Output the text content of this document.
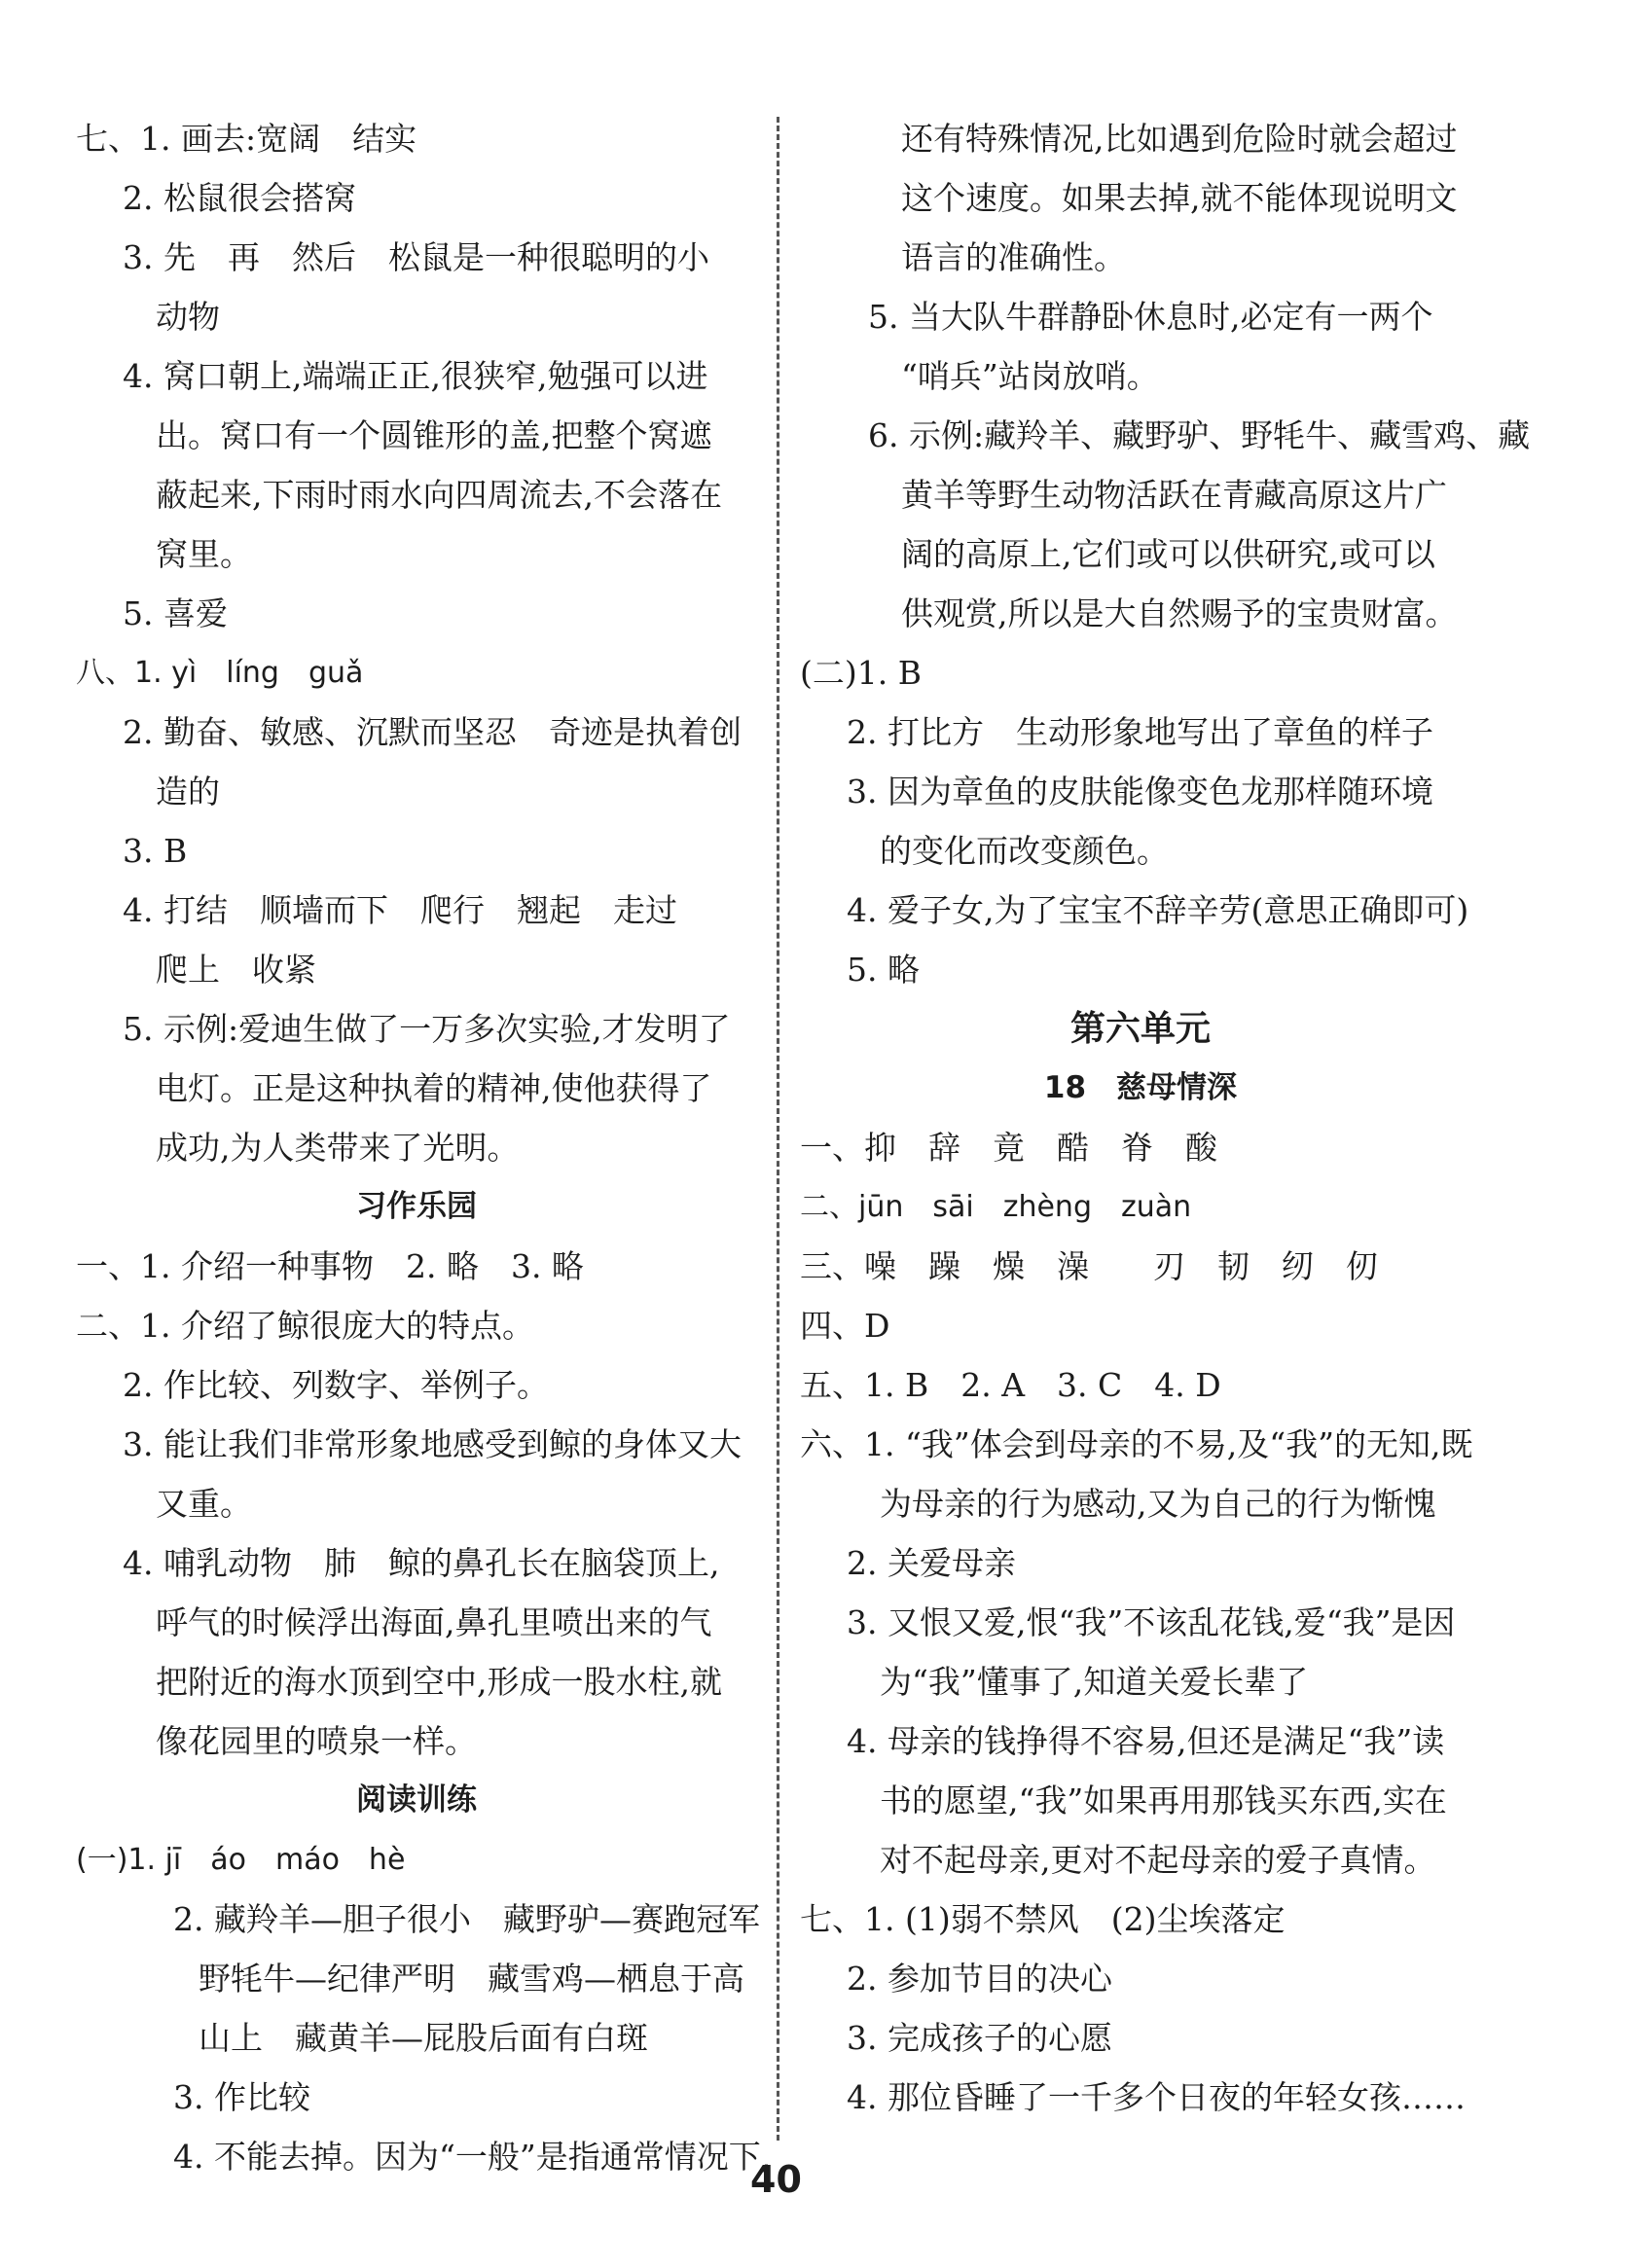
七、1. 画去:宽阔　结实
2. 松鼠很会搭窝
3. 先　再　然后　松鼠是一种很聪明的小
动物
4. 窝口朝上,端端正正,很狭窄,勉强可以进
出。窝口有一个圆锥形的盖,把整个窝遮
蔽起来,下雨时雨水向四周流去,不会落在
窝里。
5. 喜爱
八、1. yì　líng　guǎ
2. 勤奋、敏感、沉默而坚忍　奇迹是执着创
造的
3. B
4. 打结　顺墙而下　爬行　翘起　走过
爬上　收紧
5. 示例:爱迪生做了一万多次实验,才发明了
电灯。正是这种执着的精神,使他获得了
成功,为人类带来了光明。
习作乐园
一、1. 介绍一种事物　2. 略　3. 略
二、1. 介绍了鲸很庞大的特点。
2. 作比较、列数字、举例子。
3. 能让我们非常形象地感受到鲸的身体又大
又重。
4. 哺乳动物　肺　鲸的鼻孔长在脑袋顶上,
呼气的时候浮出海面,鼻孔里喷出来的气
把附近的海水顶到空中,形成一股水柱,就
像花园里的喷泉一样。
阅读训练
(一)1. jī　áo　máo　hè
2. 藏羚羊—胆子很小　藏野驴—赛跑冠军
野牦牛—纪律严明　藏雪鸡—栖息于高
山上　藏黄羊—屁股后面有白斑
3. 作比较
4. 不能去掉。因为“一般”是指通常情况下,
还有特殊情况,比如遇到危险时就会超过
这个速度。如果去掉,就不能体现说明文
语言的准确性。
5. 当大队牛群静卧休息时,必定有一两个
“哨兵”站岗放哨。
6. 示例:藏羚羊、藏野驴、野牦牛、藏雪鸡、藏
黄羊等野生动物活跃在青藏高原这片广
阔的高原上,它们或可以供研究,或可以
供观赏,所以是大自然赐予的宝贵财富。
(二)1. B
2. 打比方　生动形象地写出了章鱼的样子
3. 因为章鱼的皮肤能像变色龙那样随环境
的变化而改变颜色。
4. 爱子女,为了宝宝不辞辛劳(意思正确即可)
5. 略
第六单元
18　慈母情深
一、抑　辞　竟　酷　脊　酸
二、jūn　sāi　zhèng　zuàn
三、噪　躁　燥　澡　　刃　韧　纫　仞
四、D
五、1. B　2. A　3. C　4. D
六、1. “我”体会到母亲的不易,及“我”的无知,既
为母亲的行为感动,又为自己的行为惭愧
2. 关爱母亲
3. 又恨又爱,恨“我”不该乱花钱,爱“我”是因
为“我”懂事了,知道关爱长辈了
4. 母亲的钱挣得不容易,但还是满足“我”读
书的愿望,“我”如果再用那钱买东西,实在
对不起母亲,更对不起母亲的爱子真情。
七、1. (1)弱不禁风　(2)尘埃落定
2. 参加节目的决心
3. 完成孩子的心愿
4. 那位昏睡了一千多个日夜的年轻女孩……
40
